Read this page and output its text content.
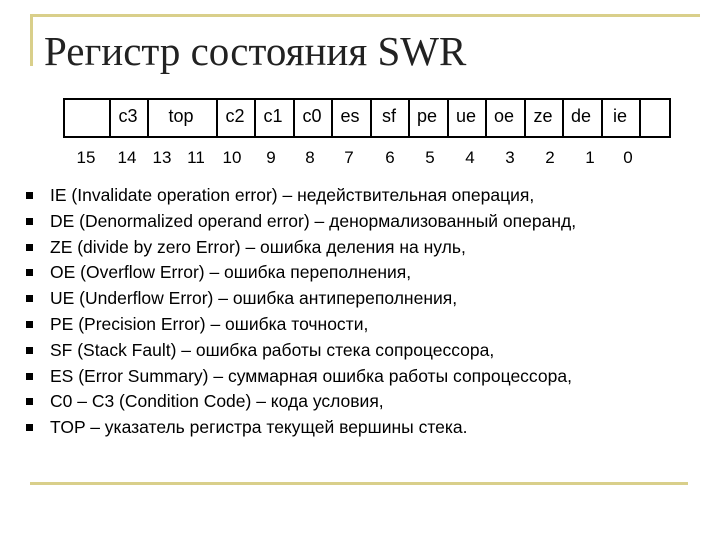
Регистр состояния SWR
c3 top c2 c1 c0 es sf pe ue oe ze de ie
15 14 13 11 10 9 8 7 6 5 4 3 2 1 0
IE (Invalidate operation error) – недействительная операция,
DE (Denormalized operand error) – денормализованный операнд,
ZE (divide by zero Error) – ошибка деления на нуль,
OE (Overflow Error) – ошибка переполнения,
UE (Underflow Error) – ошибка антипереполнения,
PE (Precision Error) – ошибка точности,
SF (Stack Fault) – ошибка работы стека сопроцессора,
ES (Error Summary) – суммарная ошибка работы сопроцессора,
C0 – C3 (Condition Code) – кода условия,
TOP – указатель регистра текущей вершины стека.
